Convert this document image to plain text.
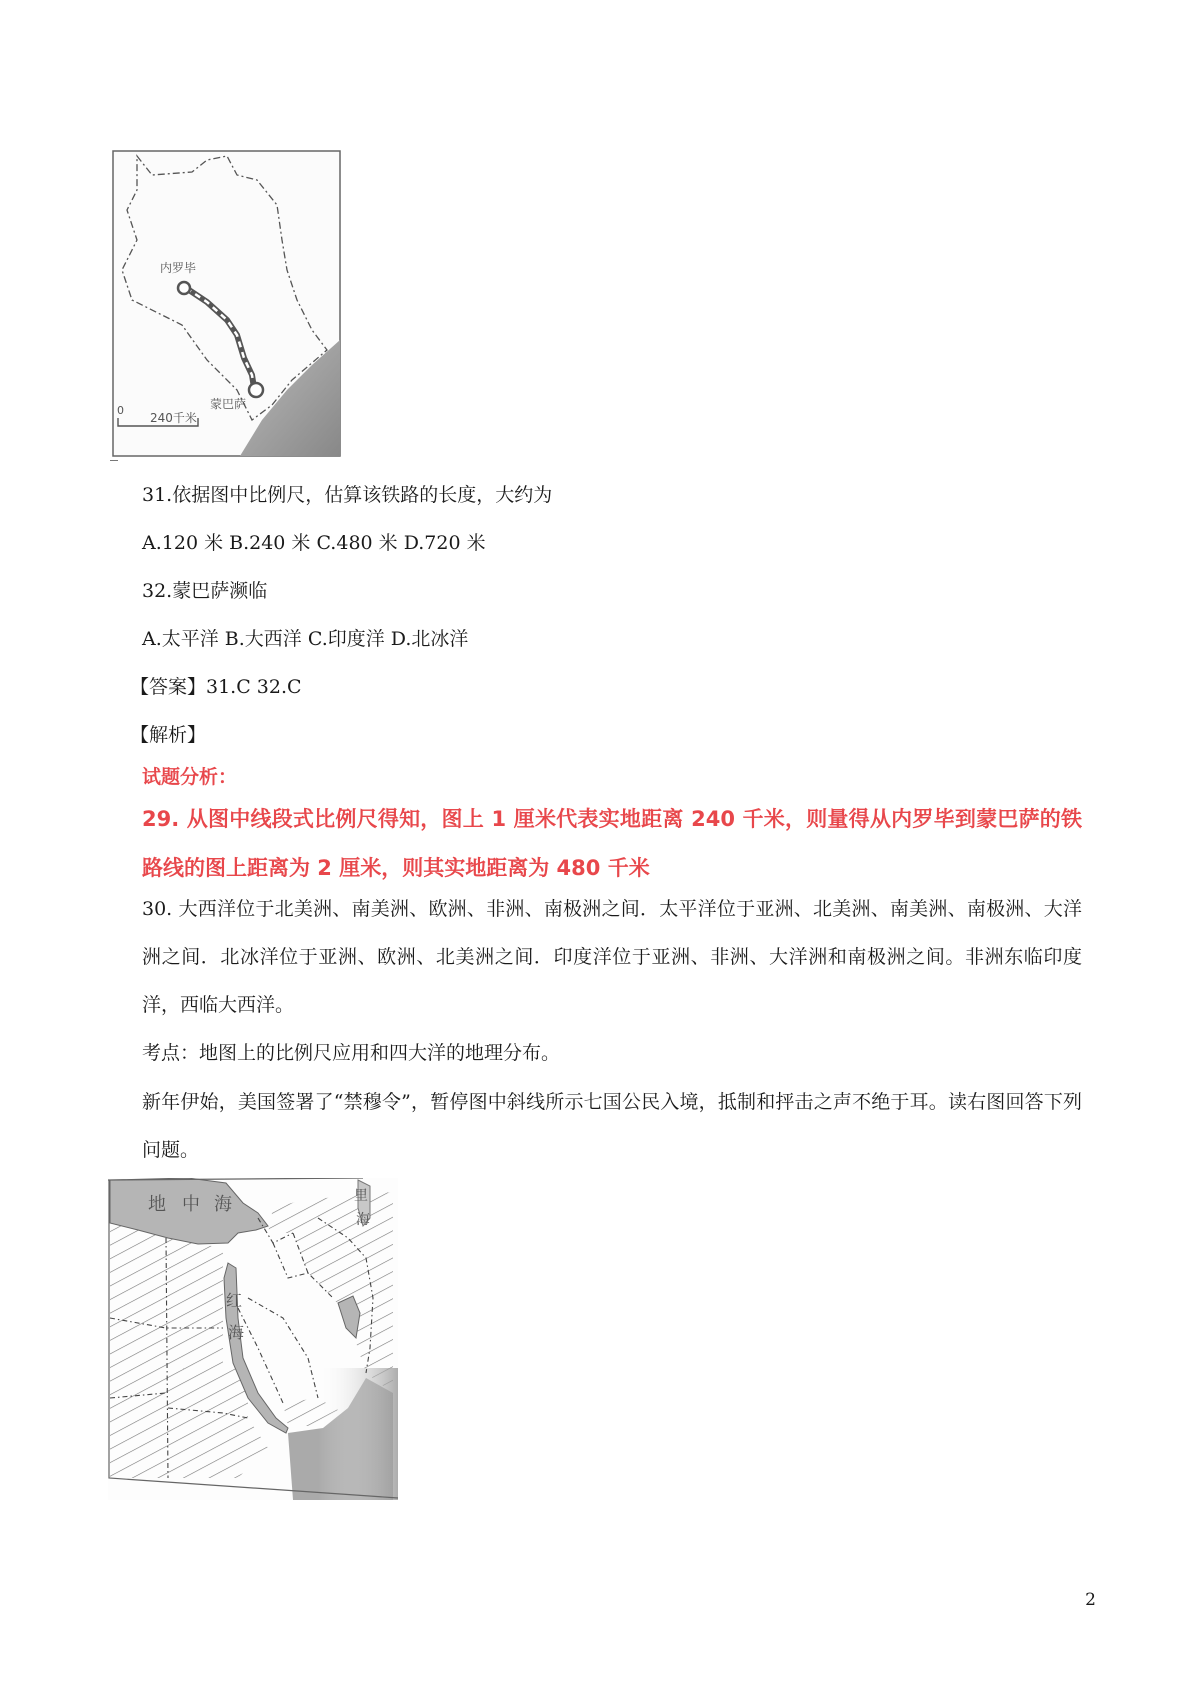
内罗毕
蒙巴萨
0
240千米
31.依据图中比例尺，估算该铁路的长度，大约为
A.120 米 B.240 米 C.480 米 D.720 米
32.蒙巴萨濒临
A.太平洋 B.大西洋 C.印度洋 D.北冰洋
【答案】31.C 32.C
【解析】
试题分析：
29. 从图中线段式比例尺得知，图上 1 厘米代表实地距离 240 千米，则量得从内罗毕到蒙巴萨的铁路线的图上距离为 2 厘米，则其实地距离为 480 千米
30. 大西洋位于北美洲、南美洲、欧洲、非洲、南极洲之间．太平洋位于亚洲、北美洲、南美洲、南极洲、大洋洲之间．北冰洋位于亚洲、欧洲、北美洲之间．印度洋位于亚洲、非洲、大洋洲和南极洲之间。非洲东临印度洋，西临大西洋。
考点：地图上的比例尺应用和四大洋的地理分布。
新年伊始，美国签署了“禁穆令”，暂停图中斜线所示七国公民入境，抵制和抨击之声不绝于耳。读右图回答下列问题。
地 中 海
红
海
里
海
2
